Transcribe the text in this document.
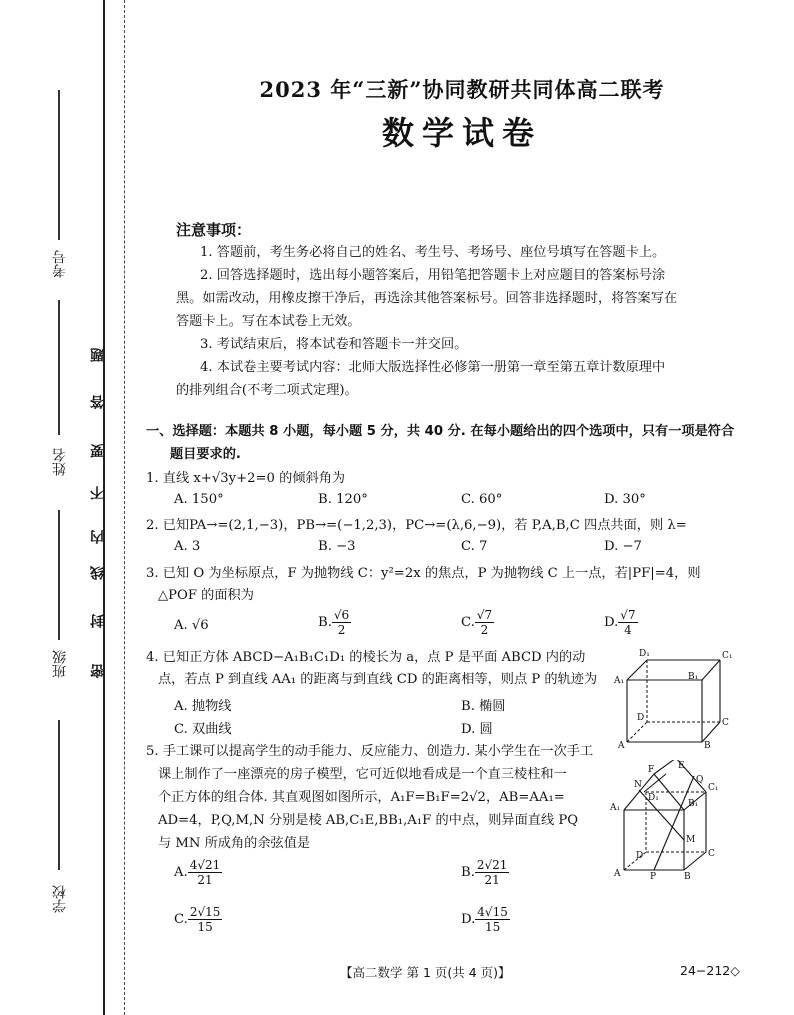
考号
姓名
班级
学校
密
封
线
内
不
要
答
题
2023 年“三新”协同教研共同体高二联考
数学试卷
注意事项：
1. 答题前，考生务必将自己的姓名、考生号、考场号、座位号填写在答题卡上。
2. 回答选择题时，选出每小题答案后，用铅笔把答题卡上对应题目的答案标号涂
黑。如需改动，用橡皮擦干净后，再选涂其他答案标号。回答非选择题时，将答案写在
答题卡上。写在本试卷上无效。
3. 考试结束后，将本试卷和答题卡一并交回。
4. 本试卷主要考试内容：北师大版选择性必修第一册第一章至第五章计数原理中
的排列组合(不考二项式定理)。
一、选择题：本题共 8 小题，每小题 5 分，共 40 分. 在每小题给出的四个选项中，只有一项是符合
题目要求的.
1. 直线 x+√3y+2=0 的倾斜角为
A. 150°	B. 120°	C. 60°	D. 30°
2. 已知PA→=(2,1,−3)，PB→=(−1,2,3)，PC→=(λ,6,−9)，若 P,A,B,C 四点共面，则 λ=
A. 3	B. −3	C. 7	D. −7
3. 已知 O 为坐标原点，F 为抛物线 C：y²=2x 的焦点，P 为抛物线 C 上一点，若|PF|=4，则
△POF 的面积为
A. √6	B. $\frac{√6}{2}$	C. $\frac{√7}{2}$	D. $\frac{√7}{4}$
4. 已知正方体 ABCD−A₁B₁C₁D₁ 的棱长为 a，点 P 是平面 ABCD 内的动
点，若点 P 到直线 AA₁ 的距离与到直线 CD 的距离相等，则点 P 的轨迹为
A. 抛物线	B. 椭圆
C. 双曲线	D. 圆
D₁	C₁
A₁	B₁
D	C
A	B
5. 手工课可以提高学生的动手能力、反应能力、创造力. 某小学生在一次手工
课上制作了一座漂亮的房子模型，它可近似地看成是一个直三棱柱和一
个正方体的组合体. 其直观图如图所示，A₁F=B₁F=2√2，AB=AA₁=
AD=4，P,Q,M,N 分别是棱 AB,C₁E,BB₁,A₁F 的中点，则异面直线 PQ
与 MN 所成角的余弦值是
A. $\frac{4√21}{21}$	B. $\frac{2√21}{21}$
C. $\frac{2√15}{15}$	D. $\frac{4√15}{15}$
F	E
N	Q
A₁
D₁
C₁
B₁
M
D	C
A	P	B
【高二数学 第 1 页(共 4 页)】	24−212◇
